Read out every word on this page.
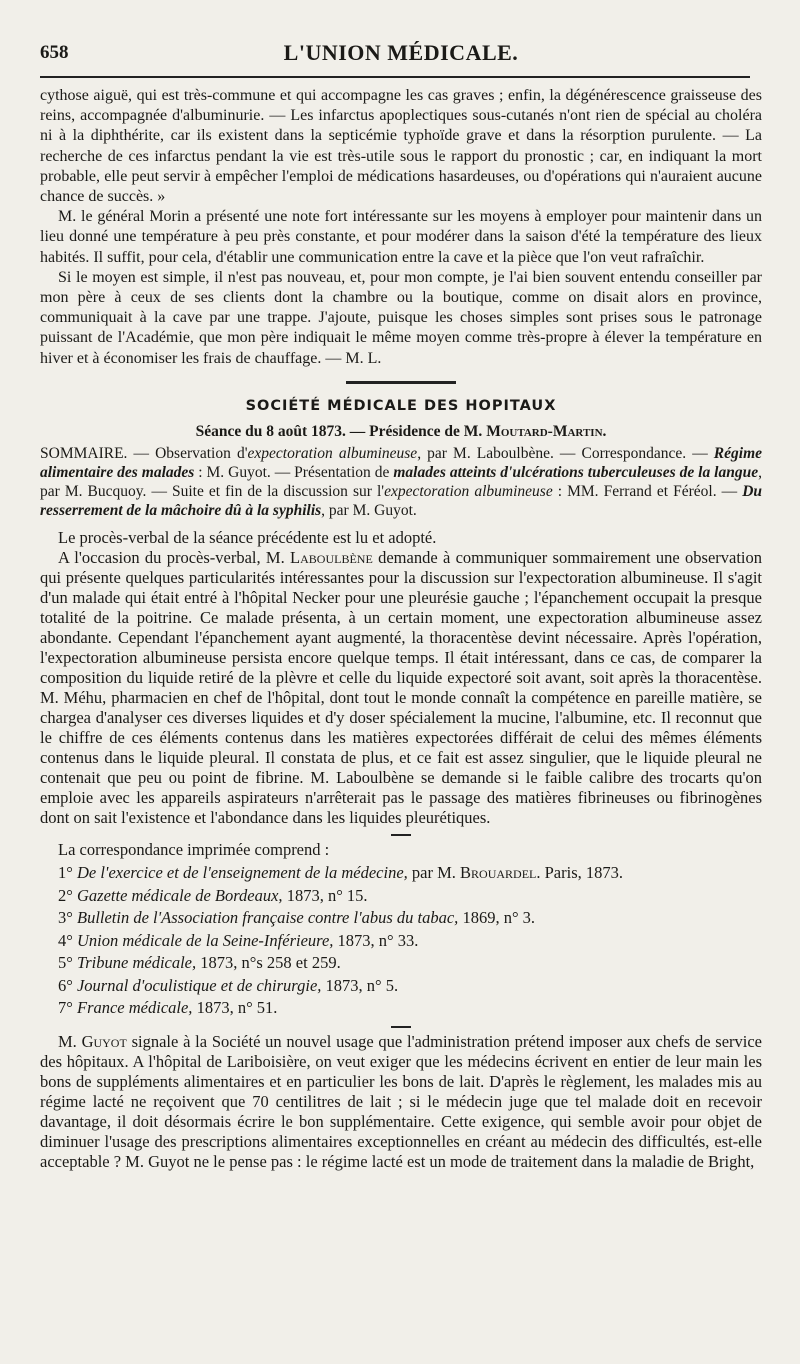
658	L'UNION MÉDICALE.

cythose aiguë, qui est très-commune et qui accompagne les cas graves ; enfin, la dégénérescence graisseuse des reins, accompagnée d'albuminurie. — Les infarctus apoplectiques sous-cutanés n'ont rien de spécial au choléra ni à la diphthérite, car ils existent dans la septicémie typhoïde grave et dans la résorption purulente. — La recherche de ces infarctus pendant la vie est très-utile sous le rapport du pronostic ; car, en indiquant la mort probable, elle peut servir à empêcher l'emploi de médications hasardeuses, ou d'opérations qui n'auraient aucune chance de succès. »

M. le général Morin a présenté une note fort intéressante sur les moyens à employer pour maintenir dans un lieu donné une température à peu près constante, et pour modérer dans la saison d'été la température des lieux habités. Il suffit, pour cela, d'établir une communication entre la cave et la pièce que l'on veut rafraîchir.

Si le moyen est simple, il n'est pas nouveau, et, pour mon compte, je l'ai bien souvent entendu conseiller par mon père à ceux de ses clients dont la chambre ou la boutique, comme on disait alors en province, communiquait à la cave par une trappe. J'ajoute, puisque les choses simples sont prises sous le patronage puissant de l'Académie, que mon père indiquait le même moyen comme très-propre à élever la température en hiver et à économiser les frais de chauffage. — M. L.

SOCIÉTÉ MÉDICALE DES HOPITAUX
Séance du 8 août 1873. — Présidence de M. Moutard-Martin.

SOMMAIRE. — Observation d'expectoration albumineuse, par M. Laboulbène. — Correspondance. — Régime alimentaire des malades : M. Guyot. — Présentation de malades atteints d'ulcérations tuberculeuses de la langue, par M. Bucquoy. — Suite et fin de la discussion sur l'expectoration albumineuse : MM. Ferrand et Féréol. — Du resserrement de la mâchoire dû à la syphilis, par M. Guyot.

Le procès-verbal de la séance précédente est lu et adopté.

A l'occasion du procès-verbal, M. Laboulbène demande à communiquer sommairement une observation qui présente quelques particularités intéressantes pour la discussion sur l'expectoration albumineuse. Il s'agit d'un malade qui était entré à l'hôpital Necker pour une pleurésie gauche ; l'épanchement occupait la presque totalité de la poitrine. Ce malade présenta, à un certain moment, une expectoration albumineuse assez abondante. Cependant l'épanchement ayant augmenté, la thoracentèse devint nécessaire. Après l'opération, l'expectoration albumineuse persista encore quelque temps. Il était intéressant, dans ce cas, de comparer la composition du liquide retiré de la plèvre et celle du liquide expectoré soit avant, soit après la thoracentèse. M. Méhu, pharmacien en chef de l'hôpital, dont tout le monde connaît la compétence en pareille matière, se chargea d'analyser ces diverses liquides et d'y doser spécialement la mucine, l'albumine, etc. Il reconnut que le chiffre de ces éléments contenus dans les matières expectorées différait de celui des mêmes éléments contenus dans le liquide pleural. Il constata de plus, et ce fait est assez singulier, que le liquide pleural ne contenait que peu ou point de fibrine. M. Laboulbène se demande si le faible calibre des trocarts qu'on emploie avec les appareils aspirateurs n'arrêterait pas le passage des matières fibrineuses ou fibrinogènes dont on sait l'existence et l'abondance dans les liquides pleurétiques.

La correspondance imprimée comprend :

1° De l'exercice et de l'enseignement de la médecine, par M. Brouardel. Paris, 1873.
2° Gazette médicale de Bordeaux, 1873, n° 15.
3° Bulletin de l'Association française contre l'abus du tabac, 1869, n° 3.
4° Union médicale de la Seine-Inférieure, 1873, n° 33.
5° Tribune médicale, 1873, n°s 258 et 259.
6° Journal d'oculistique et de chirurgie, 1873, n° 5.
7° France médicale, 1873, n° 51.

M. Guyot signale à la Société un nouvel usage que l'administration prétend imposer aux chefs de service des hôpitaux. A l'hôpital de Lariboisière, on veut exiger que les médecins écrivent en entier de leur main les bons de suppléments alimentaires et en particulier les bons de lait. D'après le règlement, les malades mis au régime lacté ne reçoivent que 70 centilitres de lait ; si le médecin juge que tel malade doit en recevoir davantage, il doit désormais écrire le bon supplémentaire. Cette exigence, qui semble avoir pour objet de diminuer l'usage des prescriptions alimentaires exceptionnelles en créant au médecin des difficultés, est-elle acceptable ? M. Guyot ne le pense pas : le régime lacté est un mode de traitement dans la maladie de Bright,
